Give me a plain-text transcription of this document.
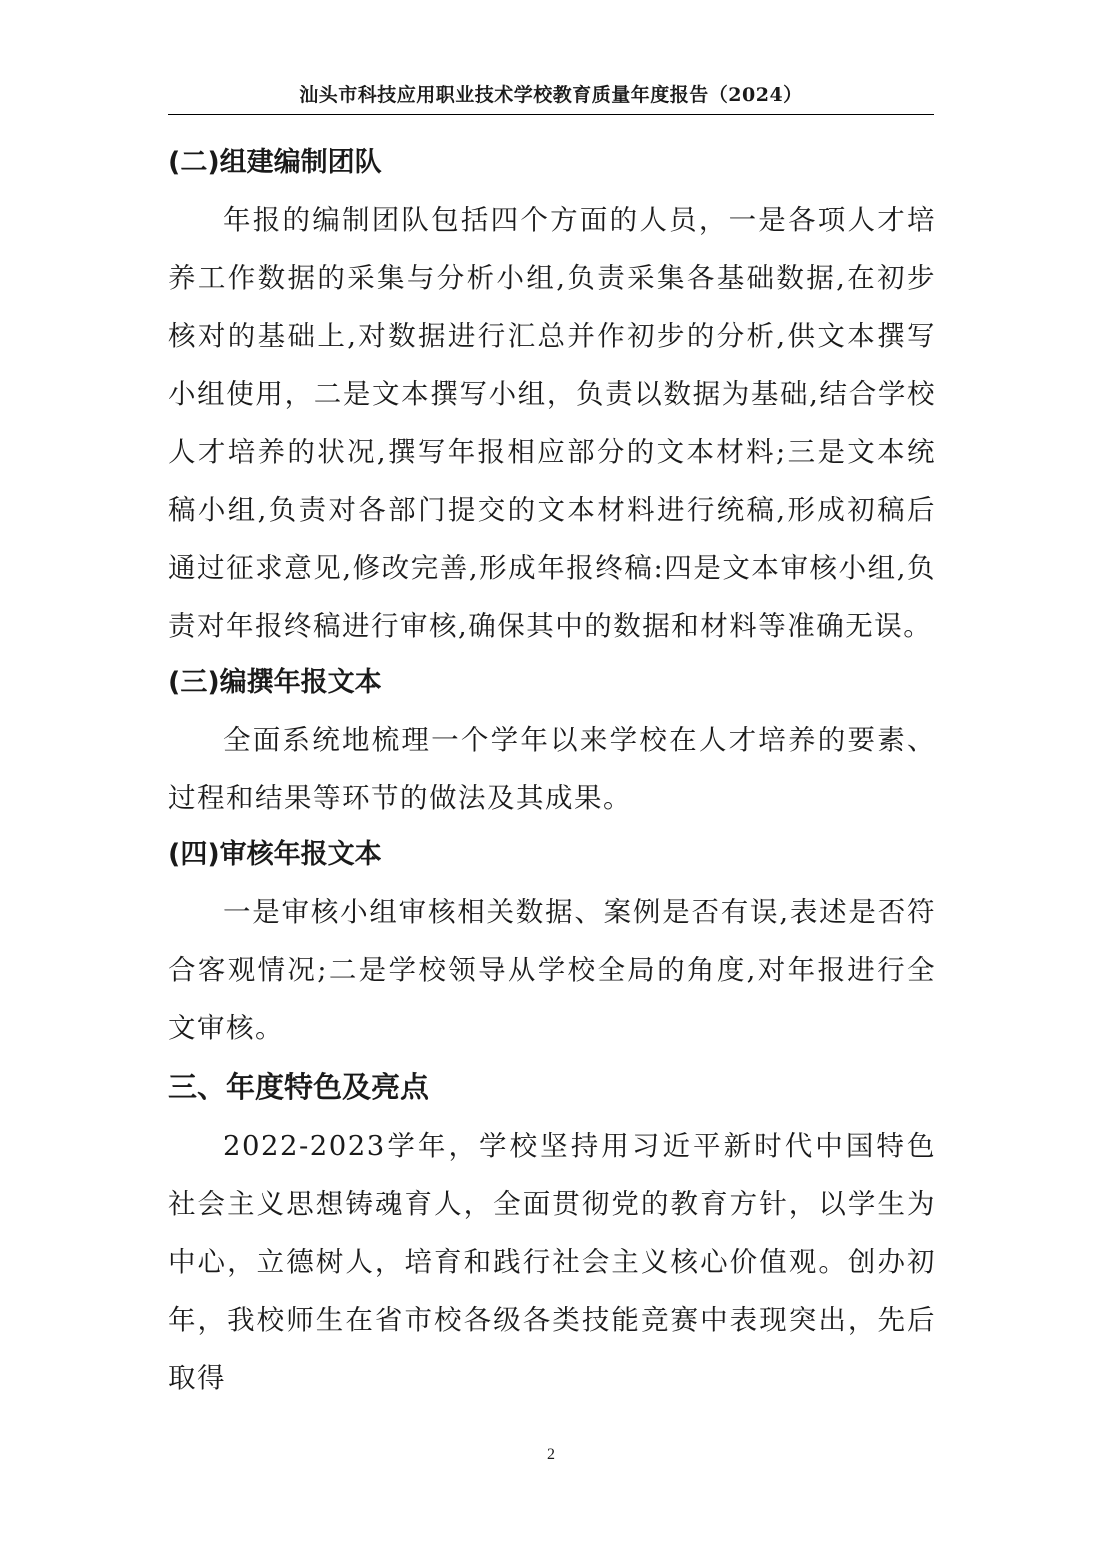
汕头市科技应用职业技术学校教育质量年度报告（2024）
(二)组建编制团队

年报的编制团队包括四个方面的人员，一是各项人才培养工作数据的采集与分析小组,负责采集各基础数据,在初步核对的基础上,对数据进行汇总并作初步的分析,供文本撰写小组使用，二是文本撰写小组，负责以数据为基础,结合学校人才培养的状况,撰写年报相应部分的文本材料;三是文本统稿小组,负责对各部门提交的文本材料进行统稿,形成初稿后通过征求意见,修改完善,形成年报终稿:四是文本审核小组,负责对年报终稿进行审核,确保其中的数据和材料等准确无误。

(三)编撰年报文本

全面系统地梳理一个学年以来学校在人才培养的要素、过程和结果等环节的做法及其成果。

(四)审核年报文本

一是审核小组审核相关数据、案例是否有误,表述是否符合客观情况;二是学校领导从学校全局的角度,对年报进行全文审核。

三、年度特色及亮点

2022-2023学年，学校坚持用习近平新时代中国特色社会主义思想铸魂育人，全面贯彻党的教育方针，以学生为中心，立德树人，培育和践行社会主义核心价值观。创办初年，我校师生在省市校各级各类技能竞赛中表现突出，先后取得

2
